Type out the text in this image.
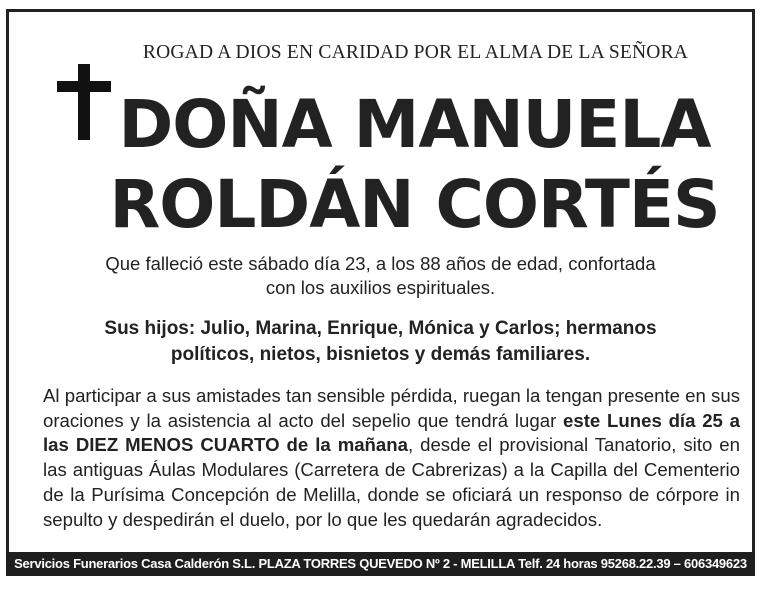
ROGAD A DIOS EN CARIDAD POR EL ALMA DE LA SEÑORA
DOÑA MANUELA
ROLDÁN CORTÉS
Que falleció este sábado día 23, a los 88 años de edad, confortada
con los auxilios espirituales.
Sus hijos: Julio, Marina, Enrique, Mónica y Carlos; hermanos
políticos, nietos, bisnietos y demás familiares.
Al participar a sus amistades tan sensible pérdida, ruegan la tengan presente en sus oraciones y la asistencia al acto del sepelio que tendrá lugar este Lunes día 25 a las DIEZ MENOS CUARTO de la mañana, desde el provisional Tanatorio, sito en las antiguas Áulas Modulares (Carretera de Cabrerizas) a la Capilla del Cementerio de la Purísima Concepción de Melilla, donde se oficiará un responso de córpore in sepulto y despedirán el duelo, por lo que les quedarán agradecidos.
Servicios Funerarios Casa Calderón S.L. PLAZA TORRES QUEVEDO Nº 2 - MELILLA Telf. 24 horas 95268.22.39 – 606349623
